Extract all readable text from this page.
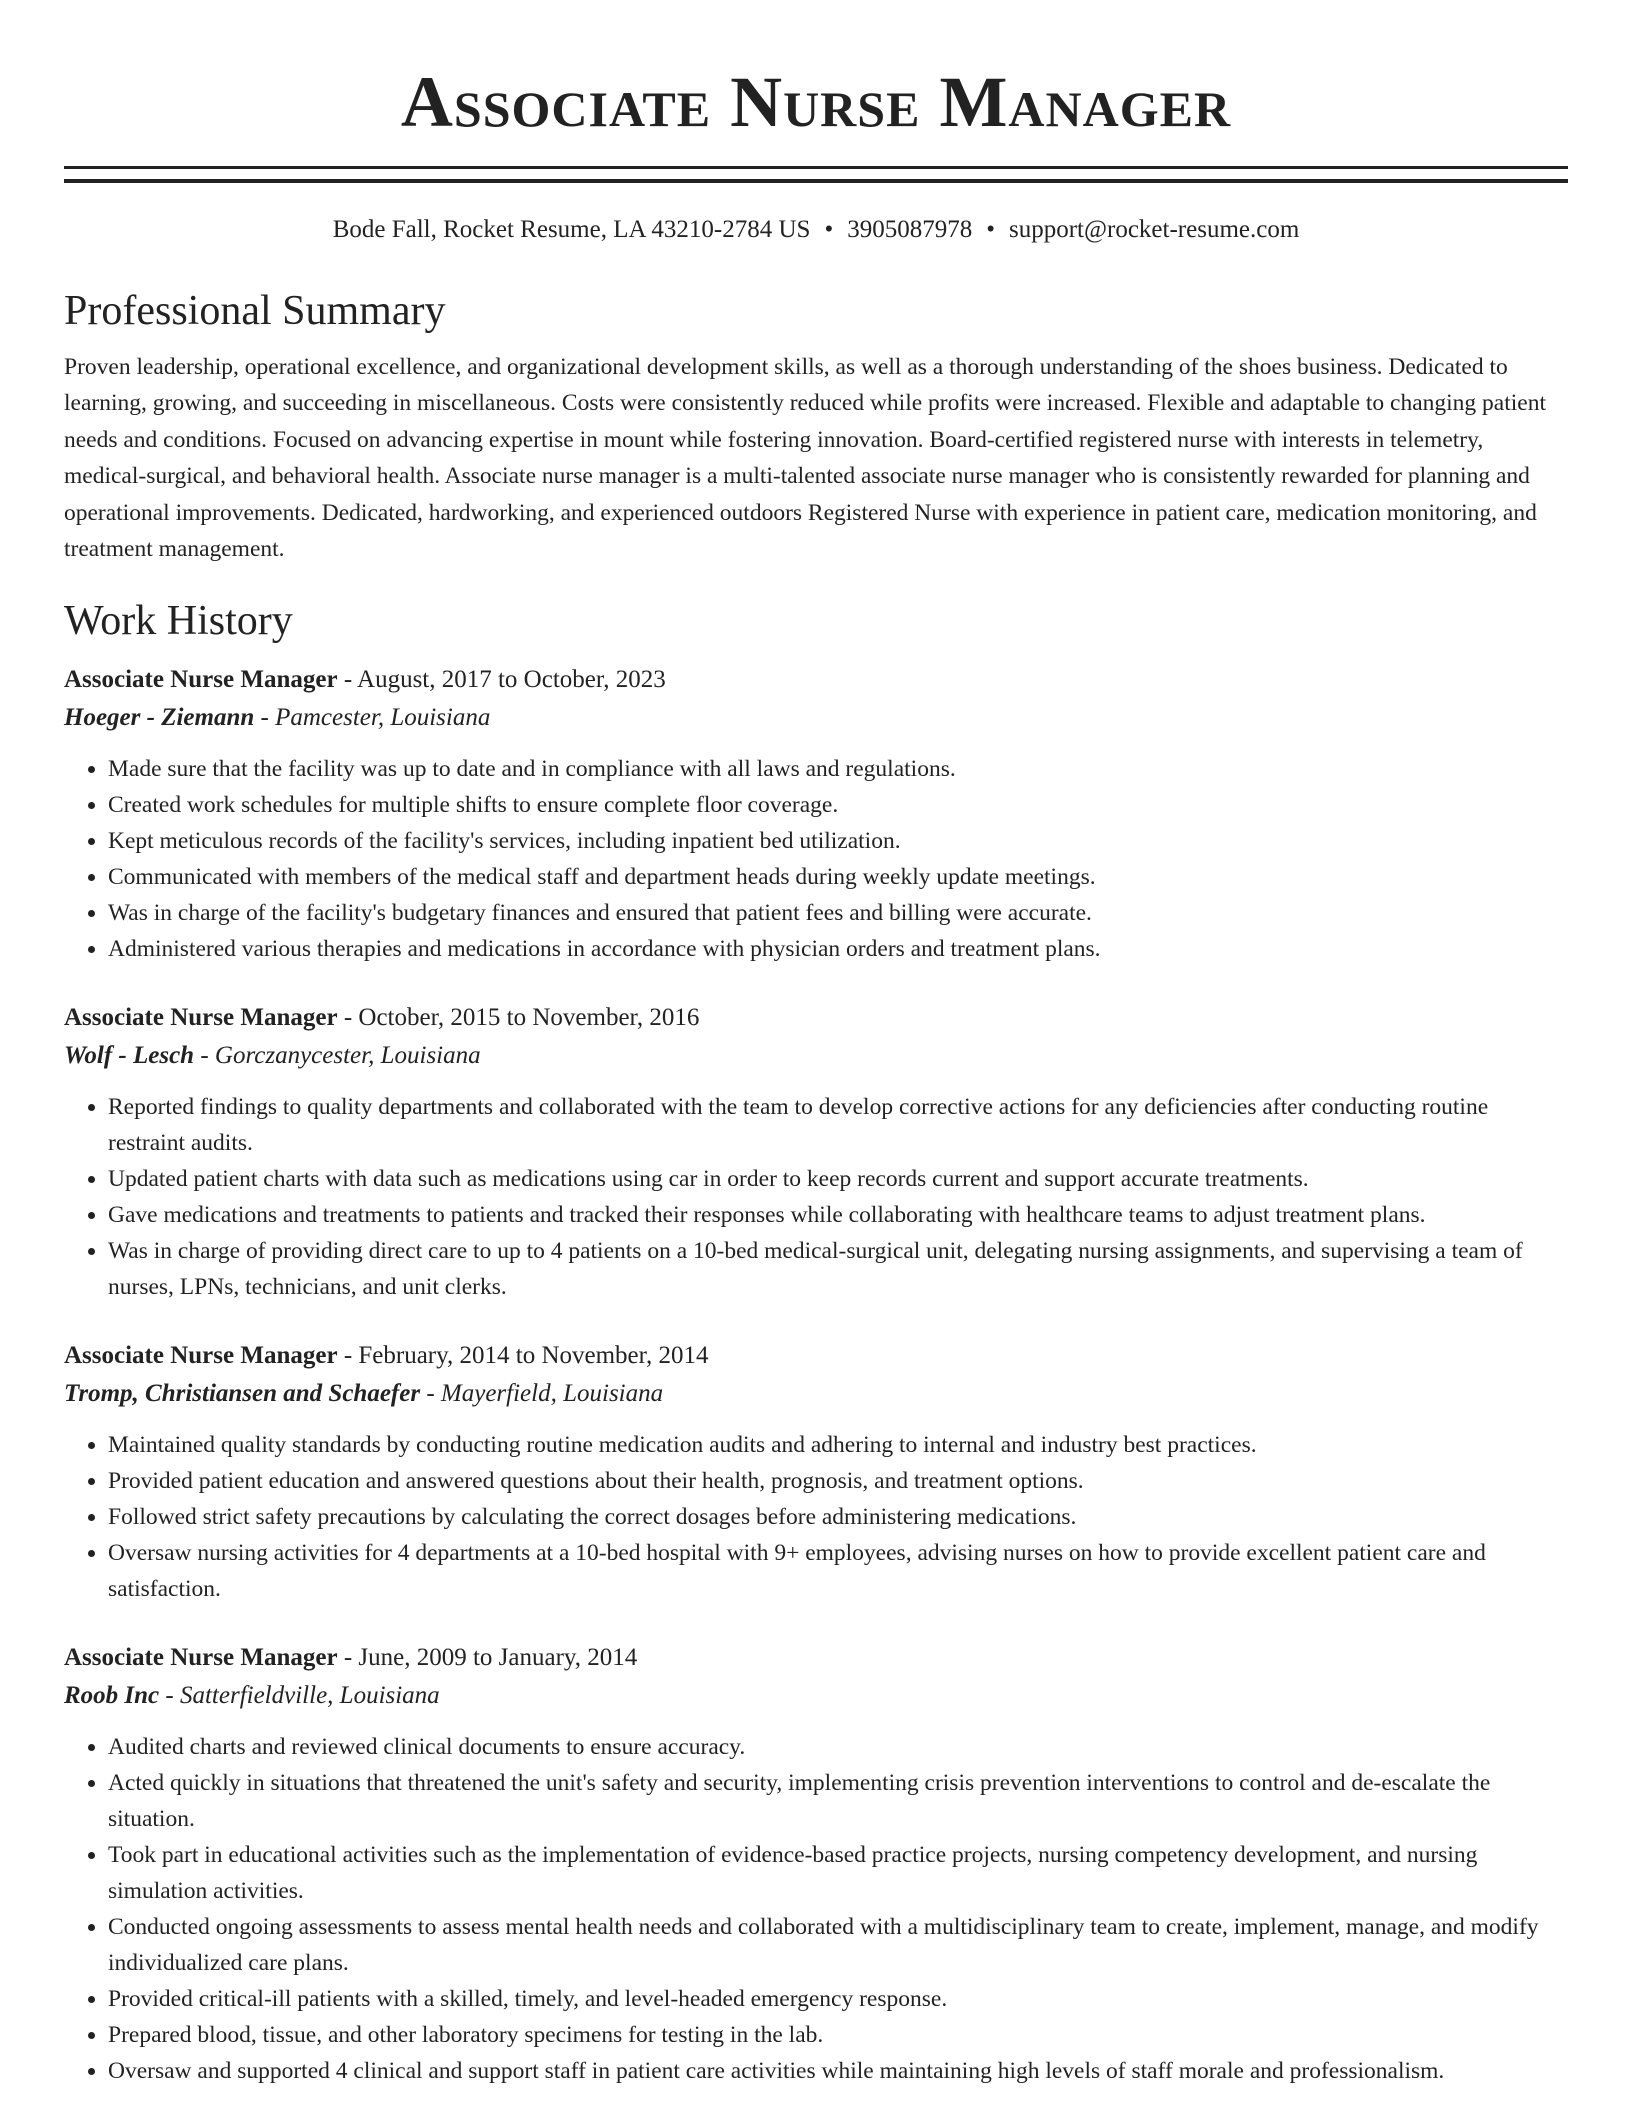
Associate Nurse Manager
Bode Fall, Rocket Resume, LA 43210-2784 US • 3905087978 • support@rocket-resume.com
Professional Summary
Proven leadership, operational excellence, and organizational development skills, as well as a thorough understanding of the shoes business. Dedicated to learning, growing, and succeeding in miscellaneous. Costs were consistently reduced while profits were increased. Flexible and adaptable to changing patient needs and conditions. Focused on advancing expertise in mount while fostering innovation. Board-certified registered nurse with interests in telemetry, medical-surgical, and behavioral health. Associate nurse manager is a multi-talented associate nurse manager who is consistently rewarded for planning and operational improvements. Dedicated, hardworking, and experienced outdoors Registered Nurse with experience in patient care, medication monitoring, and treatment management.
Work History
Associate Nurse Manager - August, 2017 to October, 2023
Hoeger - Ziemann - Pamcester, Louisiana
• Made sure that the facility was up to date and in compliance with all laws and regulations.
• Created work schedules for multiple shifts to ensure complete floor coverage.
• Kept meticulous records of the facility's services, including inpatient bed utilization.
• Communicated with members of the medical staff and department heads during weekly update meetings.
• Was in charge of the facility's budgetary finances and ensured that patient fees and billing were accurate.
• Administered various therapies and medications in accordance with physician orders and treatment plans.
Associate Nurse Manager - October, 2015 to November, 2016
Wolf - Lesch - Gorczanycester, Louisiana
• Reported findings to quality departments and collaborated with the team to develop corrective actions for any deficiencies after conducting routine restraint audits.
• Updated patient charts with data such as medications using car in order to keep records current and support accurate treatments.
• Gave medications and treatments to patients and tracked their responses while collaborating with healthcare teams to adjust treatment plans.
• Was in charge of providing direct care to up to 4 patients on a 10-bed medical-surgical unit, delegating nursing assignments, and supervising a team of nurses, LPNs, technicians, and unit clerks.
Associate Nurse Manager - February, 2014 to November, 2014
Tromp, Christiansen and Schaefer - Mayerfield, Louisiana
• Maintained quality standards by conducting routine medication audits and adhering to internal and industry best practices.
• Provided patient education and answered questions about their health, prognosis, and treatment options.
• Followed strict safety precautions by calculating the correct dosages before administering medications.
• Oversaw nursing activities for 4 departments at a 10-bed hospital with 9+ employees, advising nurses on how to provide excellent patient care and satisfaction.
Associate Nurse Manager - June, 2009 to January, 2014
Roob Inc - Satterfieldville, Louisiana
• Audited charts and reviewed clinical documents to ensure accuracy.
• Acted quickly in situations that threatened the unit's safety and security, implementing crisis prevention interventions to control and de-escalate the situation.
• Took part in educational activities such as the implementation of evidence-based practice projects, nursing competency development, and nursing simulation activities.
• Conducted ongoing assessments to assess mental health needs and collaborated with a multidisciplinary team to create, implement, manage, and modify individualized care plans.
• Provided critical-ill patients with a skilled, timely, and level-headed emergency response.
• Prepared blood, tissue, and other laboratory specimens for testing in the lab.
• Oversaw and supported 4 clinical and support staff in patient care activities while maintaining high levels of staff morale and professionalism.
